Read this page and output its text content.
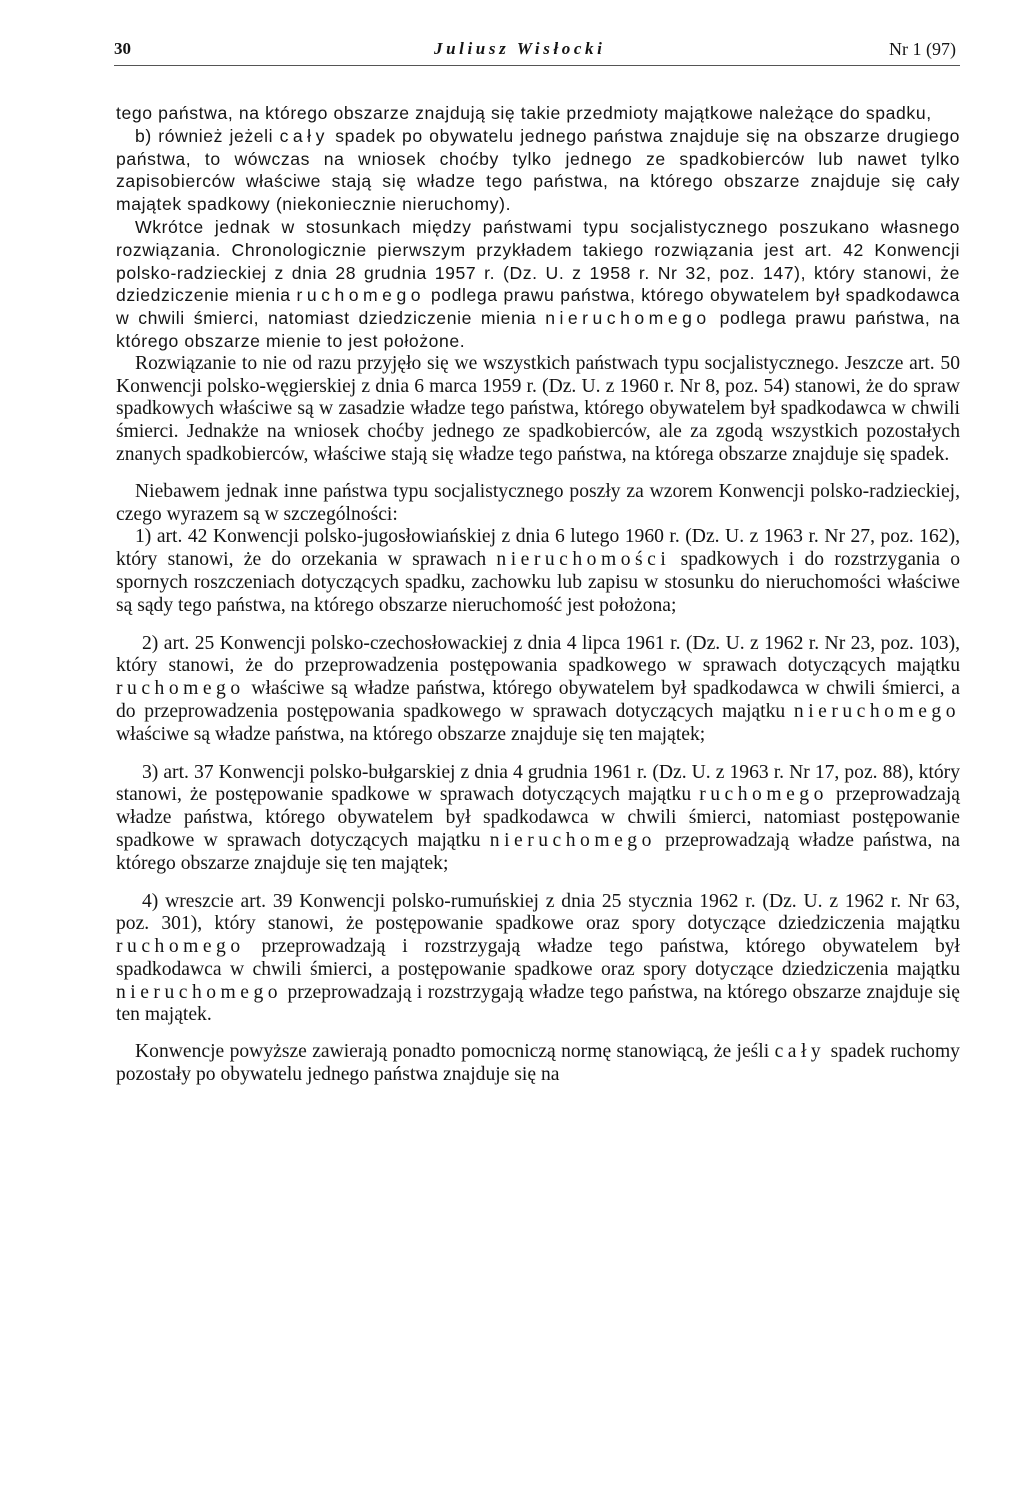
30	Juliusz Wisłocki	Nr 1 (97)

tego państwa, na którego obszarze znajdują się takie przedmioty majątkowe należące do spadku,

b) również jeżeli cały spadek po obywatelu jednego państwa znajduje się na obszarze drugiego państwa, to wówczas na wniosek choćby tylko jednego ze spadkobierców lub nawet tylko zapisobierców właściwe stają się władze tego państwa, na którego obszarze znajduje się cały majątek spadkowy (niekoniecznie nieruchomy).

Wkrótce jednak w stosunkach między państwami typu socjalistycznego poszukano własnego rozwiązania. Chronologicznie pierwszym przykładem takiego rozwiązania jest art. 42 Konwencji polsko-radzieckiej z dnia 28 grudnia 1957 r. (Dz. U. z 1958 r. Nr 32, poz. 147), który stanowi, że dziedziczenie mienia ruchomego podlega prawu państwa, którego obywatelem był spadkodawca w chwili śmierci, natomiast dziedziczenie mienia nieruchomego podlega prawu państwa, na którego obszarze mienie to jest położone.

Rozwiązanie to nie od razu przyjęło się we wszystkich państwach typu socjalistycznego. Jeszcze art. 50 Konwencji polsko-węgierskiej z dnia 6 marca 1959 r. (Dz. U. z 1960 r. Nr 8, poz. 54) stanowi, że do spraw spadkowych właściwe są w zasadzie władze tego państwa, którego obywatelem był spadkodawca w chwili śmierci. Jednakże na wniosek choćby jednego ze spadkobierców, ale za zgodą wszystkich pozostałych znanych spadkobierców, właściwe stają się władze tego państwa, na którega obszarze znajduje się spadek.

Niebawem jednak inne państwa typu socjalistycznego poszły za wzorem Konwencji polsko-radzieckiej, czego wyrazem są w szczególności:

1) art. 42 Konwencji polsko-jugosłowiańskiej z dnia 6 lutego 1960 r. (Dz. U. z 1963 r. Nr 27, poz. 162), który stanowi, że do orzekania w sprawach nieruchomości spadkowych i do rozstrzygania o spornych roszczeniach dotyczących spadku, zachowku lub zapisu w stosunku do nieruchomości właściwe są sądy tego państwa, na którego obszarze nieruchomość jest położona;

2) art. 25 Konwencji polsko-czechosłowackiej z dnia 4 lipca 1961 r. (Dz. U. z 1962 r. Nr 23, poz. 103), który stanowi, że do przeprowadzenia postępowania spadkowego w sprawach dotyczących majątku ruchomego właściwe są władze państwa, którego obywatelem był spadkodawca w chwili śmierci, a do przeprowadzenia postępowania spadkowego w sprawach dotyczących majątku nieruchomego właściwe są władze państwa, na którego obszarze znajduje się ten majątek;

3) art. 37 Konwencji polsko-bułgarskiej z dnia 4 grudnia 1961 r. (Dz. U. z 1963 r. Nr 17, poz. 88), który stanowi, że postępowanie spadkowe w sprawach dotyczących majątku ruchomego przeprowadzają władze państwa, którego obywatelem był spadkodawca w chwili śmierci, natomiast postępowanie spadkowe w sprawach dotyczących majątku nieruchomego przeprowadzają władze państwa, na którego obszarze znajduje się ten majątek;

4) wreszcie art. 39 Konwencji polsko-rumuńskiej z dnia 25 stycznia 1962 r. (Dz. U. z 1962 r. Nr 63, poz. 301), który stanowi, że postępowanie spadkowe oraz spory dotyczące dziedziczenia majątku ruchomego przeprowadzają i rozstrzygają władze tego państwa, którego obywatelem był spadkodawca w chwili śmierci, a postępowanie spadkowe oraz spory dotyczące dziedziczenia majątku nieruchomego przeprowadzają i rozstrzygają władze tego państwa, na którego obszarze znajduje się ten majątek.

Konwencje powyższe zawierają ponadto pomocniczą normę stanowiącą, że jeśli cały spadek ruchomy pozostały po obywatelu jednego państwa znajduje się na
